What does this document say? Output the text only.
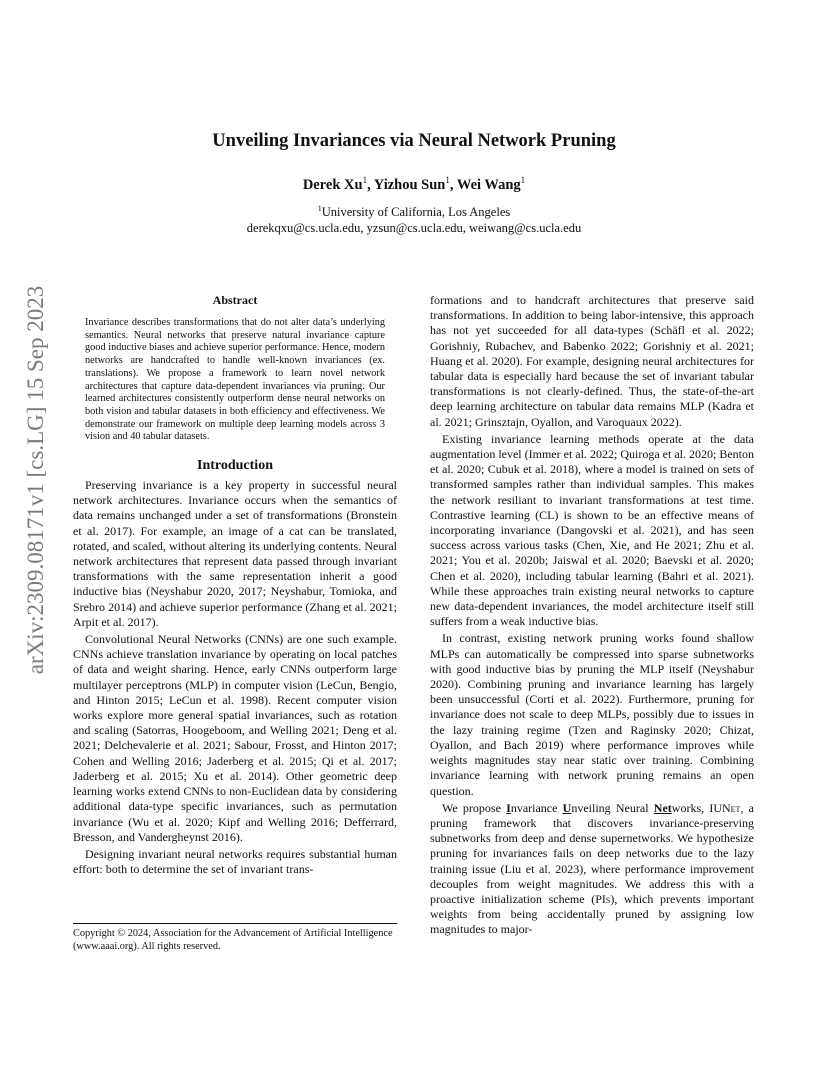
Unveiling Invariances via Neural Network Pruning
Derek Xu$^1$, Yizhou Sun$^1$, Wei Wang$^1$
$^1$University of California, Los Angeles
derekqxu@cs.ucla.edu, yzsun@cs.ucla.edu, weiwang@cs.ucla.edu
arXiv:2309.08171v1 [cs.LG] 15 Sep 2023	Abstract
Invariance describes transformations that do not alter data’s underlying semantics. Neural networks that preserve natural invariance capture good inductive biases and achieve superior performance. Hence, modern networks are handcrafted to handle well-known invariances (ex. translations). We propose a framework to learn novel network architectures that capture data-dependent invariances via pruning. Our learned architectures consistently outperform dense neural networks on both vision and tabular datasets in both efficiency and effectiveness. We demonstrate our framework on multiple deep learning models across 3 vision and 40 tabular datasets.
Introduction

Preserving invariance is a key property in successful neural network architectures. Invariance occurs when the semantics of data remains unchanged under a set of transformations (Bronstein et al. 2017). For example, an image of a cat can be translated, rotated, and scaled, without altering its underlying contents. Neural network architectures that represent data passed through invariant transformations with the same representation inherit a good inductive bias (Neyshabur 2020, 2017; Neyshabur, Tomioka, and Srebro 2014) and achieve superior performance (Zhang et al. 2021; Arpit et al. 2017).

Convolutional Neural Networks (CNNs) are one such example. CNNs achieve translation invariance by operating on local patches of data and weight sharing. Hence, early CNNs outperform large multilayer perceptrons (MLP) in computer vision (LeCun, Bengio, and Hinton 2015; LeCun et al. 1998). Recent computer vision works explore more general spatial invariances, such as rotation and scaling (Satorras, Hoogeboom, and Welling 2021; Deng et al. 2021; Delchevalerie et al. 2021; Sabour, Frosst, and Hinton 2017; Cohen and Welling 2016; Jaderberg et al. 2015; Qi et al. 2017; Jaderberg et al. 2015; Xu et al. 2014). Other geometric deep learning works extend CNNs to non-Euclidean data by considering additional data-type specific invariances, such as permutation invariance (Wu et al. 2020; Kipf and Welling 2016; Defferrard, Bresson, and Vandergheynst 2016).

Designing invariant neural networks requires substantial human effort: both to determine the set of invariant trans-

Copyright © 2024, Association for the Advancement of Artificial Intelligence (www.aaai.org). All rights reserved.

formations and to handcraft architectures that preserve said transformations. In addition to being labor-intensive, this approach has not yet succeeded for all data-types (Schäfl et al. 2022; Gorishniy, Rubachev, and Babenko 2022; Gorishniy et al. 2021; Huang et al. 2020). For example, designing neural architectures for tabular data is especially hard because the set of invariant tabular transformations is not clearly-defined. Thus, the state-of-the-art deep learning architecture on tabular data remains MLP (Kadra et al. 2021; Grinsztajn, Oyallon, and Varoquaux 2022).

Existing invariance learning methods operate at the data augmentation level (Immer et al. 2022; Quiroga et al. 2020; Benton et al. 2020; Cubuk et al. 2018), where a model is trained on sets of transformed samples rather than individual samples. This makes the network resiliant to invariant transformations at test time. Contrastive learning (CL) is shown to be an effective means of incorporating invariance (Dangovski et al. 2021), and has seen success across various tasks (Chen, Xie, and He 2021; Zhu et al. 2021; You et al. 2020b; Jaiswal et al. 2020; Baevski et al. 2020; Chen et al. 2020), including tabular learning (Bahri et al. 2021). While these approaches train existing neural networks to capture new data-dependent invariances, the model architecture itself still suffers from a weak inductive bias.

In contrast, existing network pruning works found shallow MLPs can automatically be compressed into sparse subnetworks with good inductive bias by pruning the MLP itself (Neyshabur 2020). Combining pruning and invariance learning has largely been unsuccessful (Corti et al. 2022). Furthermore, pruning for invariance does not scale to deep MLPs, possibly due to issues in the lazy training regime (Tzen and Raginsky 2020; Chizat, Oyallon, and Bach 2019) where performance improves while weights magnitudes stay near static over training. Combining invariance learning with network pruning remains an open question.

We propose Invariance Unveiling Neural Networks, IUNet, a pruning framework that discovers invariance-preserving subnetworks from deep and dense supernetworks. We hypothesize pruning for invariances fails on deep networks due to the lazy training issue (Liu et al. 2023), where performance improvement decouples from weight magnitudes. We address this with a proactive initialization scheme (PIs), which prevents important weights from being accidentally pruned by assigning low magnitudes to major-
